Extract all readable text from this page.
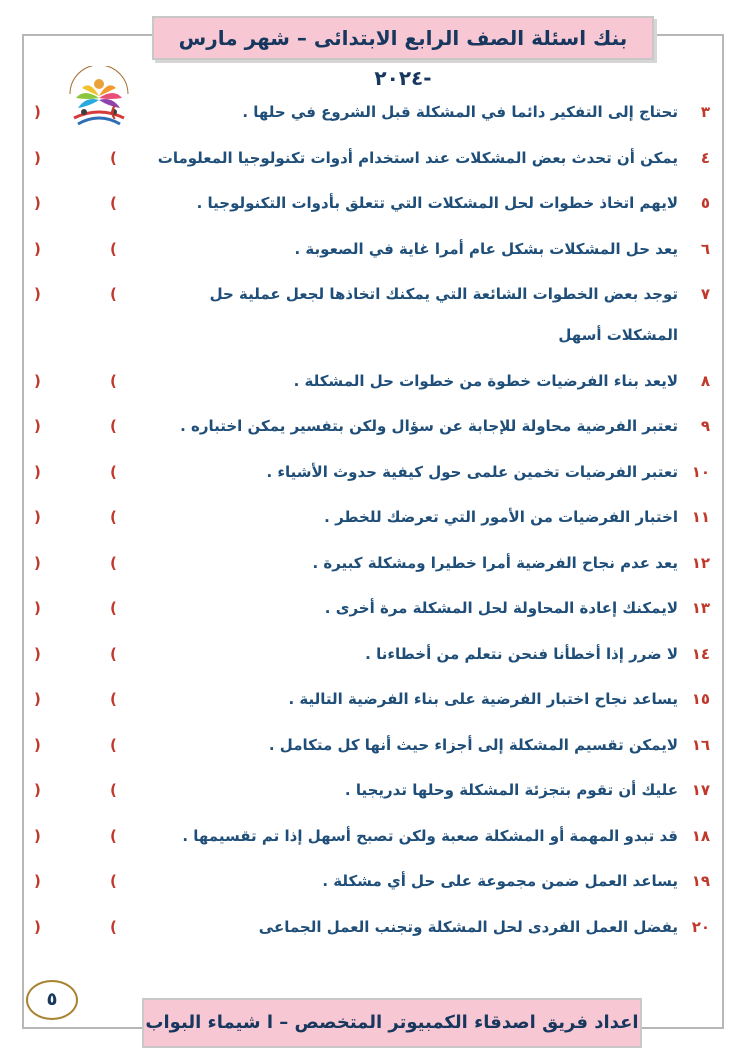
بنك اسئلة الصف الرابع الابتدائى – شهر مارس -٢٠٢٤
٣تحتاج إلى التفكير دائما في المشكلة قبل الشروع في حلها .
(
)
٤يمكن أن تحدث بعض المشكلات عند استخدام أدوات تكنولوجيا المعلومات
(
)
٥لايهم اتخاذ خطوات لحل المشكلات التي تتعلق بأدوات التكنولوجيا .
(
)
٦يعد حل المشكلات بشكل عام أمرا غاية في الصعوبة .
(
)
٧توجد بعض الخطوات الشائعة التي يمكنك اتخاذها لجعل عملية حل
(
)
المشكلات أسهل
٨لايعد بناء الفرضيات خطوة من خطوات حل المشكلة .
(
)
٩تعتبر الفرضية محاولة للإجابة عن سؤال ولكن بتفسير يمكن اختباره .
(
)
١٠تعتبر الفرضيات تخمين علمى حول كيفية حدوث الأشياء .
(
)
١١اختبار الفرضيات من الأمور التي تعرضك للخطر .
(
)
١٢يعد عدم نجاح الفرضية أمرا خطيرا ومشكلة كبيرة .
(
)
١٣لايمكنك إعادة المحاولة لحل المشكلة مرة أخرى .
(
)
١٤لا ضرر إذا أخطأنا فنحن نتعلم من أخطاءنا .
(
)
١٥يساعد نجاح اختبار الفرضية على بناء الفرضية التالية .
(
)
١٦لايمكن تقسيم المشكلة إلى أجزاء حيث أنها كل متكامل .
(
)
١٧عليك أن تقوم بتجزئة المشكلة وحلها تدريجيا .
(
)
١٨قد تبدو المهمة أو المشكلة صعبة ولكن تصبح أسهل إذا تم تقسيمها .
(
)
١٩يساعد العمل ضمن مجموعة على حل أي مشكلة .
(
)
٢٠يفضل العمل الفردى لحل المشكلة وتجنب العمل الجماعى
(
)
اعداد فريق اصدقاء الكمبيوتر المتخصص – ا شيماء البواب
٥
